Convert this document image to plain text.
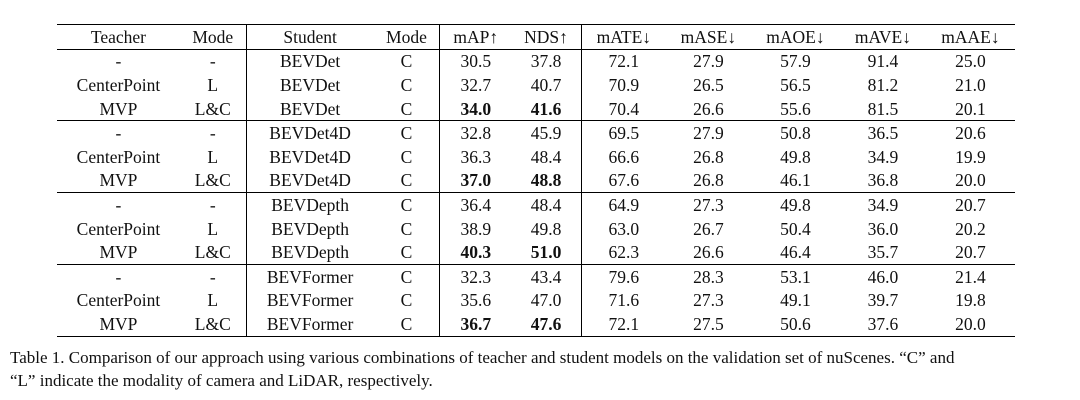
Teacher	Mode	Student	Mode	mAP↑	NDS↑	mATE↓	mASE↓	mAOE↓	mAVE↓	mAAE↓
-	-	BEVDet	C	30.5	37.8	72.1	27.9	57.9	91.4	25.0
CenterPoint	L	BEVDet	C	32.7	40.7	70.9	26.5	56.5	81.2	21.0
MVP	L&C	BEVDet	C	34.0	41.6	70.4	26.6	55.6	81.5	20.1
-	-	BEVDet4D	C	32.8	45.9	69.5	27.9	50.8	36.5	20.6
CenterPoint	L	BEVDet4D	C	36.3	48.4	66.6	26.8	49.8	34.9	19.9
MVP	L&C	BEVDet4D	C	37.0	48.8	67.6	26.8	46.1	36.8	20.0
-	-	BEVDepth	C	36.4	48.4	64.9	27.3	49.8	34.9	20.7
CenterPoint	L	BEVDepth	C	38.9	49.8	63.0	26.7	50.4	36.0	20.2
MVP	L&C	BEVDepth	C	40.3	51.0	62.3	26.6	46.4	35.7	20.7
-	-	BEVFormer	C	32.3	43.4	79.6	28.3	53.1	46.0	21.4
CenterPoint	L	BEVFormer	C	35.6	47.0	71.6	27.3	49.1	39.7	19.8
MVP	L&C	BEVFormer	C	36.7	47.6	72.1	27.5	50.6	37.6	20.0
Table 1. Comparison of our approach using various combinations of teacher and student models on the validation set of nuScenes. “C” and
“L” indicate the modality of camera and LiDAR, respectively.
